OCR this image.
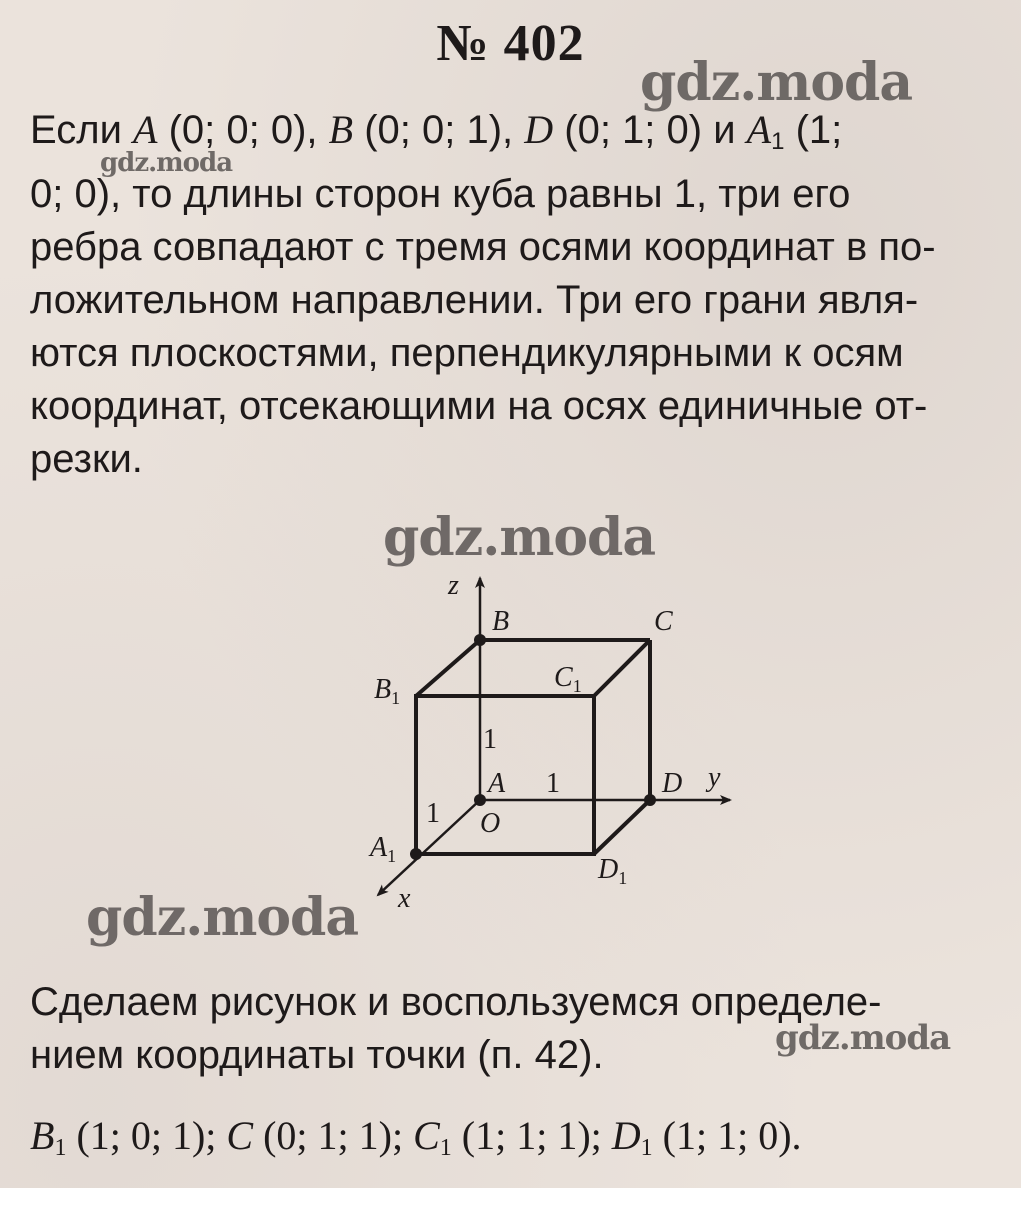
№ 402
Если A (0; 0; 0), B (0; 0; 1), D (0; 1; 0) и $A_1$ (1;
0; 0), то длины сторон куба равны 1, три его
ребра совпадают с тремя осями координат в по-
ложительном направлении. Три его грани явля-
ются плоскостями, перпендикулярными к осям
координат, отсекающими на осях единичные от-
резки.
z
y
x
B	C
$C_1$
$B_1$
A
O
D
$A_1$	$D_1$
1
1
1
Сделаем рисунок и воспользуемся определе-
нием координаты точки (п. 42).
$B_1$ (1; 0; 1); C (0; 1; 1); $C_1$ (1; 1; 1); $D_1$ (1; 1; 0).
gdz.moda
gdz.moda
gdz.moda
gdz.moda
gdz.moda
